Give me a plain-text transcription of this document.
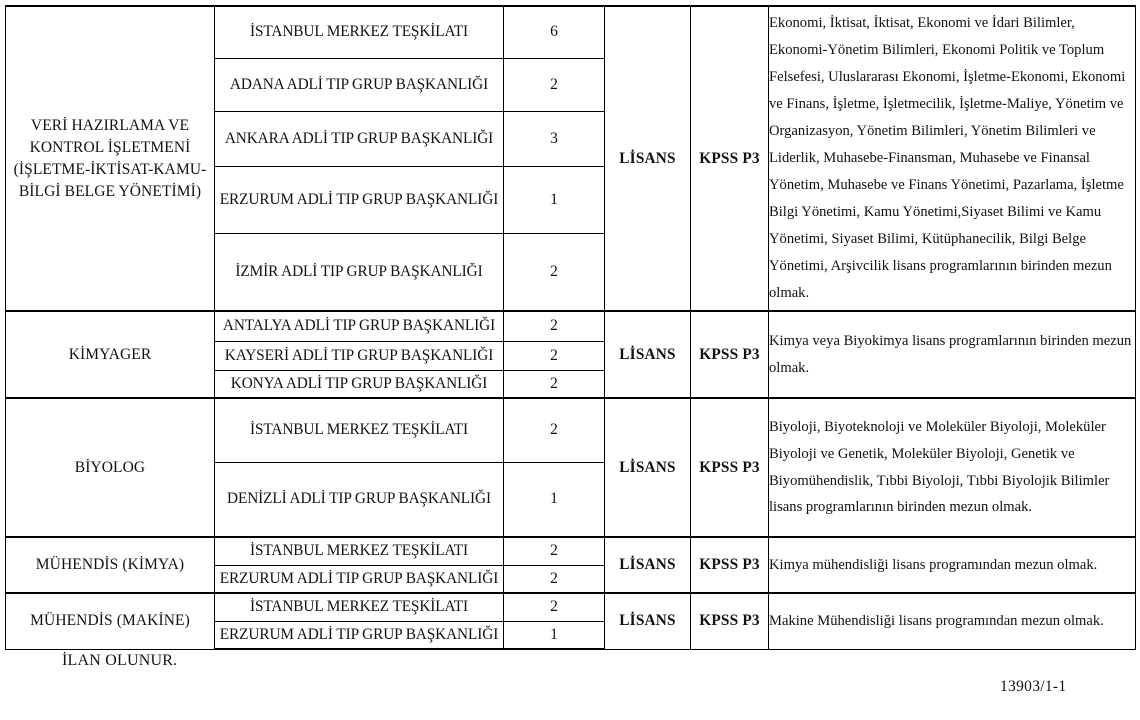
VERİ HAZIRLAMA VE KONTROL İŞLETMENİ (İŞLETME-İKTİSAT-KAMU-BİLGİ BELGE YÖNETİMİ)	İSTANBUL MERKEZ TEŞKİLATI	6	LİSANS	KPSS P3	Ekonomi, İktisat, İktisat, Ekonomi ve İdari Bilimler, Ekonomi-Yönetim Bilimleri, Ekonomi Politik ve Toplum Felsefesi, Uluslararası Ekonomi, İşletme-Ekonomi, Ekonomi ve Finans, İşletme, İşletmecilik, İşletme-Maliye, Yönetim ve Organizasyon, Yönetim Bilimleri, Yönetim Bilimleri ve Liderlik, Muhasebe-Finansman, Muhasebe ve Finansal Yönetim, Muhasebe ve Finans Yönetimi, Pazarlama, İşletme Bilgi Yönetimi, Kamu Yönetimi,Siyaset Bilimi ve Kamu Yönetimi, Siyaset Bilimi, Kütüphanecilik, Bilgi Belge Yönetimi, Arşivcilik lisans programlarının birinden mezun olmak.
	ADANA ADLİ TIP GRUP BAŞKANLIĞI	2			
	ANKARA ADLİ TIP GRUP BAŞKANLIĞI	3			
	ERZURUM ADLİ TIP GRUP BAŞKANLIĞI	1			
	İZMİR ADLİ TIP GRUP BAŞKANLIĞI	2			
KİMYAGER	ANTALYA ADLİ TIP GRUP BAŞKANLIĞI	2	LİSANS	KPSS P3	Kimya veya Biyokimya lisans programlarının birinden mezun olmak.
	KAYSERİ ADLİ TIP GRUP BAŞKANLIĞI	2			
	KONYA ADLİ TIP GRUP BAŞKANLIĞI	2			
BİYOLOG	İSTANBUL MERKEZ TEŞKİLATI	2	LİSANS	KPSS P3	Biyoloji, Biyoteknoloji ve Moleküler Biyoloji, Moleküler Biyoloji ve Genetik, Moleküler Biyoloji, Genetik ve Biyomühendislik, Tıbbi Biyoloji, Tıbbi Biyolojik Bilimler lisans programlarının birinden mezun olmak.
	DENİZLİ ADLİ TIP GRUP BAŞKANLIĞI	1			
MÜHENDİS (KİMYA)	İSTANBUL MERKEZ TEŞKİLATI	2	LİSANS	KPSS P3	Kimya mühendisliği lisans programından mezun olmak.
	ERZURUM ADLİ TIP GRUP BAŞKANLIĞI	2			
MÜHENDİS (MAKİNE)	İSTANBUL MERKEZ TEŞKİLATI	2	LİSANS	KPSS P3	Makine Mühendisliği lisans programından mezun olmak.
	ERZURUM ADLİ TIP GRUP BAŞKANLIĞI	1			
İLAN OLUNUR.
13903/1-1
